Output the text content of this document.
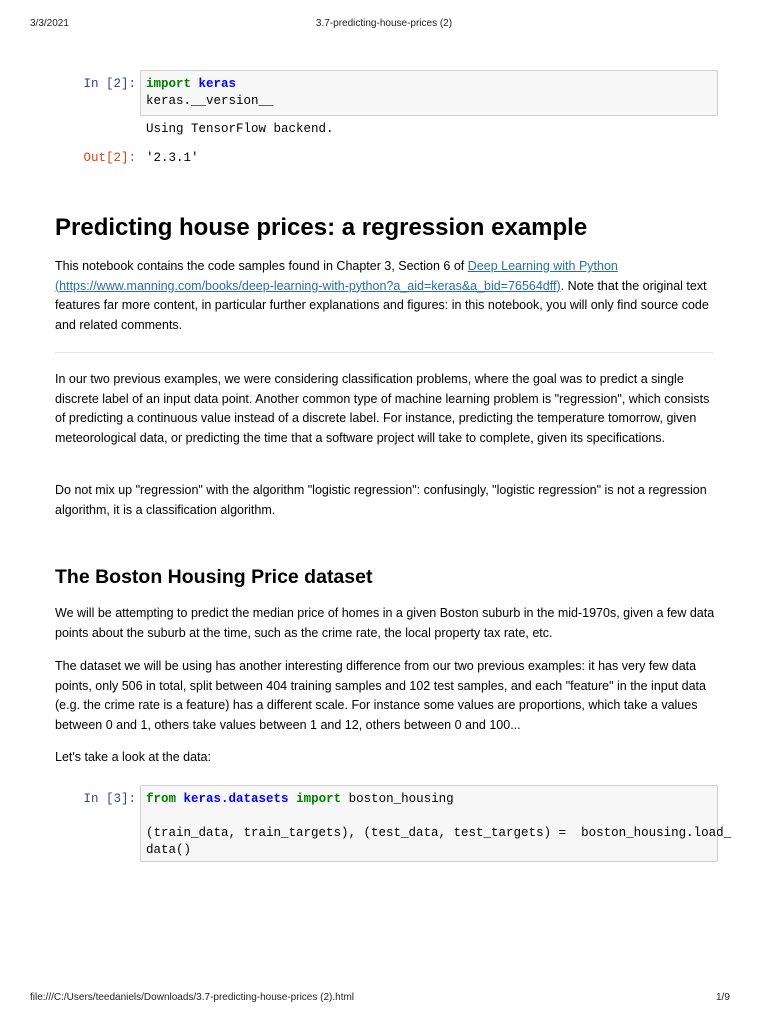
3/3/2021	3.7-predicting-house-prices (2)
In [2]: import keras
keras.__version__
Using TensorFlow backend.
Out[2]: '2.3.1'
Predicting house prices: a regression example

This notebook contains the code samples found in Chapter 3, Section 6 of Deep Learning with Python
(https://www.manning.com/books/deep-learning-with-python?a_aid=keras&a_bid=76564dff). Note that the original text features far more content, in particular further explanations and figures: in this notebook, you will only find source code and related comments.

In our two previous examples, we were considering classification problems, where the goal was to predict a single discrete label of an input data point. Another common type of machine learning problem is "regression", which consists of predicting a continuous value instead of a discrete label. For instance, predicting the temperature tomorrow, given meteorological data, or predicting the time that a software project will take to complete, given its specifications.

Do not mix up "regression" with the algorithm "logistic regression": confusingly, "logistic regression" is not a regression algorithm, it is a classification algorithm.

The Boston Housing Price dataset

We will be attempting to predict the median price of homes in a given Boston suburb in the mid-1970s, given a few data points about the suburb at the time, such as the crime rate, the local property tax rate, etc.

The dataset we will be using has another interesting difference from our two previous examples: it has very few data points, only 506 in total, split between 404 training samples and 102 test samples, and each "feature" in the input data (e.g. the crime rate is a feature) has a different scale. For instance some values are proportions, which take a values between 0 and 1, others take values between 1 and 12, others between 0 and 100...

Let's take a look at the data:

In [3]: from keras.datasets import boston_housing

(train_data, train_targets), (test_data, test_targets) =  boston_housing.load_
data()
file:///C:/Users/teedaniels/Downloads/3.7-predicting-house-prices (2).html	1/9
